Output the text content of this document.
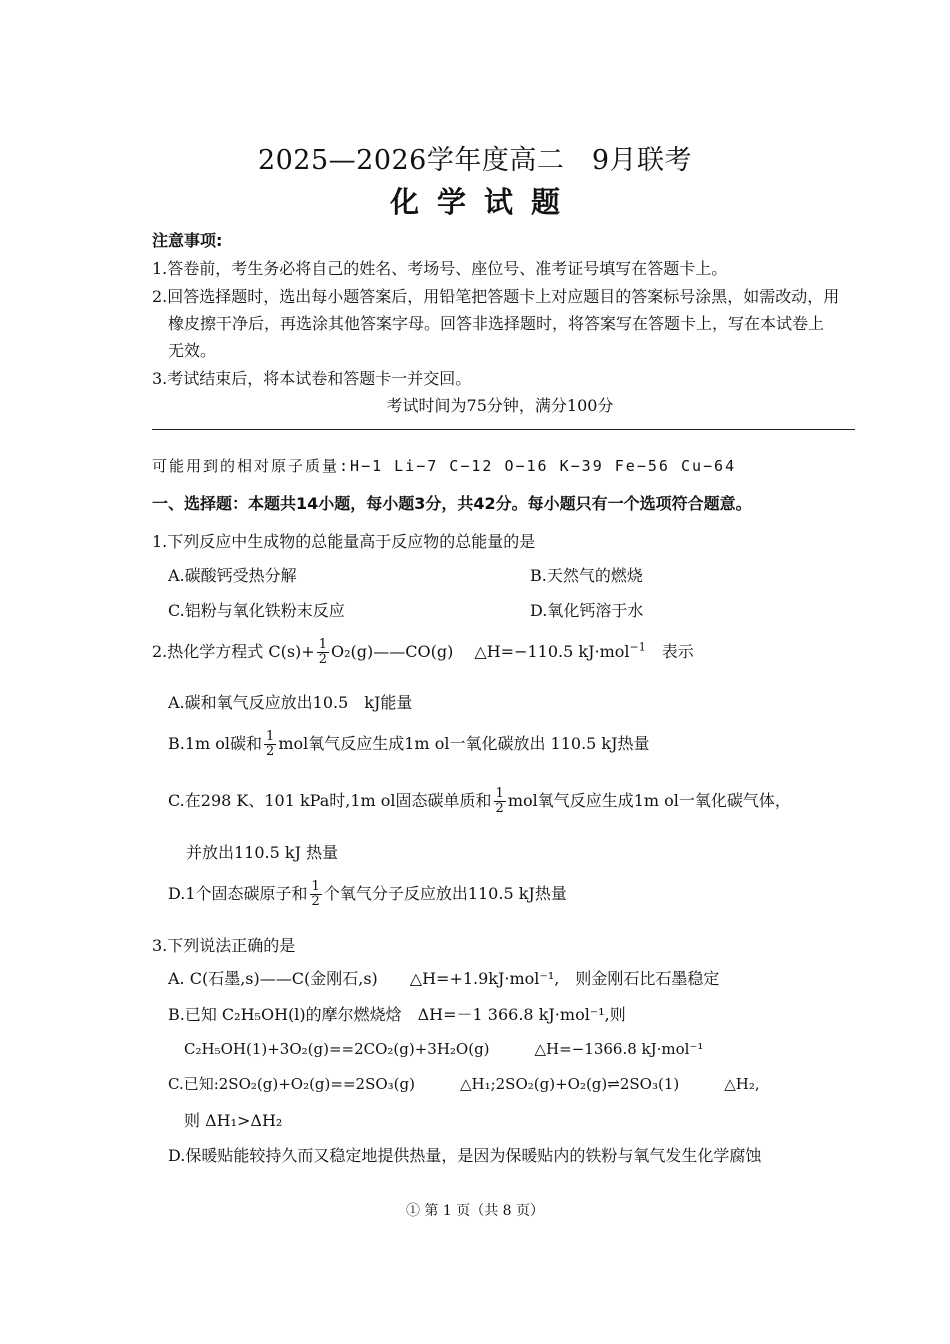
2025—2026学年度高二　9月联考
化学试题
注意事项:
1.答卷前，考生务必将自己的姓名、考场号、座位号、准考证号填写在答题卡上。
2.回答选择题时，选出每小题答案后，用铅笔把答题卡上对应题目的答案标号涂黑，如需改动，用
橡皮擦干净后，再选涂其他答案字母。回答非选择题时，将答案写在答题卡上，写在本试卷上
无效。
3.考试结束后，将本试卷和答题卡一并交回。
考试时间为75分钟，满分100分
可能用到的相对原子质量:H−1 Li−7 C−12 O−16 K−39 Fe−56 Cu−64
一、选择题：本题共14小题，每小题3分，共42分。每小题只有一个选项符合题意。
1.下列反应中生成物的总能量高于反应物的总能量的是
A.碳酸钙受热分解	B.天然气的燃烧
C.铝粉与氧化铁粉末反应	D.氧化钙溶于水
2.热化学方程式 $C(s)+ \frac{1}{2}$ O₂(g)——CO(g)　 △H=−110.5 kJ·mol$^{-1}$　表示
A.碳和氧气反应放出10.5　kJ能量
B.1m ol碳和 $\frac{1}{2}$ mol氧气反应生成1m ol一氧化碳放出 110.5 kJ热量
C.在298 K、101 kPa时,1m ol固态碳单质和 $\frac{1}{2}$ mol氧气反应生成1m ol一氧化碳气体，
并放出110.5 kJ 热量
D.1个固态碳原子和 $\frac{1}{2}$ 个氧气分子反应放出110.5 kJ热量
3.下列说法正确的是
A. C(石墨,s)——C(金刚石,s)　　△H=+1.9kJ·mol⁻¹,　则金刚石比石墨稳定
B.已知 C₂H₅OH(l)的摩尔燃烧焓　ΔH=－1 366.8 kJ·mol⁻¹,则
C₂H₅OH(1)+3O₂(g)==2CO₂(g)+3H₂O(g)　　　△H=−1366.8 kJ·mol⁻¹
C.已知:2SO₂(g)+O₂(g)==2SO₃(g)　　　△H₁;2SO₂(g)+O₂(g)⇌2SO₃(1)　　　△H₂,
则 ΔH₁>ΔH₂
D.保暖贴能较持久而又稳定地提供热量，是因为保暖贴内的铁粉与氧气发生化学腐蚀
① 第 1 页（共 8 页）
